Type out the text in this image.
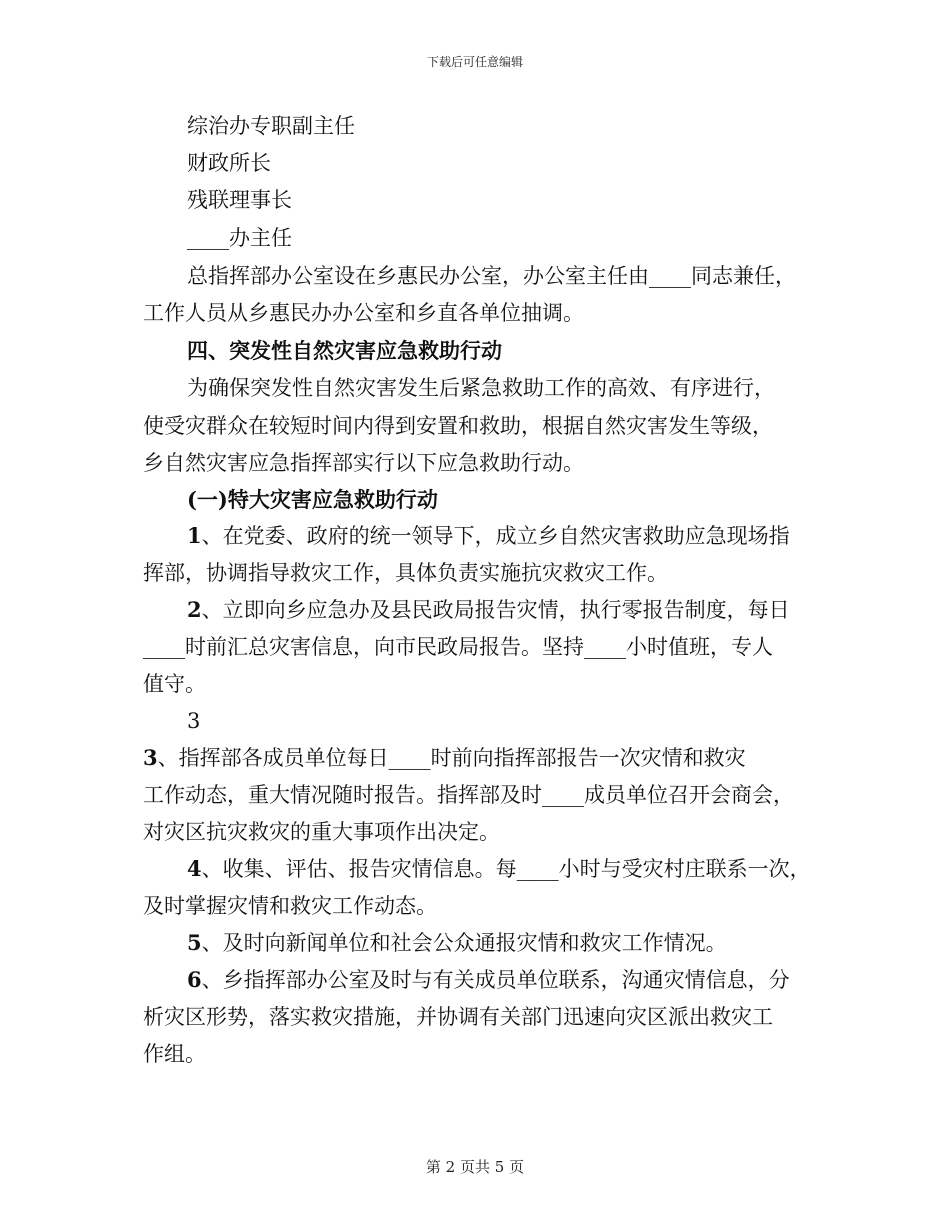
下载后可任意编辑
综治办专职副主任
财政所长
残联理事长
____办主任
总指挥部办公室设在乡惠民办公室，办公室主任由____同志兼任，
工作人员从乡惠民办办公室和乡直各单位抽调。
四、突发性自然灾害应急救助行动
为确保突发性自然灾害发生后紧急救助工作的高效、有序进行，
使受灾群众在较短时间内得到安置和救助，根据自然灾害发生等级，
乡自然灾害应急指挥部实行以下应急救助行动。
(一)特大灾害应急救助行动
1、在党委、政府的统一领导下，成立乡自然灾害救助应急现场指
挥部，协调指导救灾工作，具体负责实施抗灾救灾工作。
2、立即向乡应急办及县民政局报告灾情，执行零报告制度，每日
____时前汇总灾害信息，向市民政局报告。坚持____小时值班，专人
值守。
3
3、指挥部各成员单位每日____时前向指挥部报告一次灾情和救灾
工作动态，重大情况随时报告。指挥部及时____成员单位召开会商会，
对灾区抗灾救灾的重大事项作出决定。
4、收集、评估、报告灾情信息。每____小时与受灾村庄联系一次，
及时掌握灾情和救灾工作动态。
5、及时向新闻单位和社会公众通报灾情和救灾工作情况。
6、乡指挥部办公室及时与有关成员单位联系，沟通灾情信息，分
析灾区形势，落实救灾措施，并协调有关部门迅速向灾区派出救灾工
作组。
第 2 页共 5 页
